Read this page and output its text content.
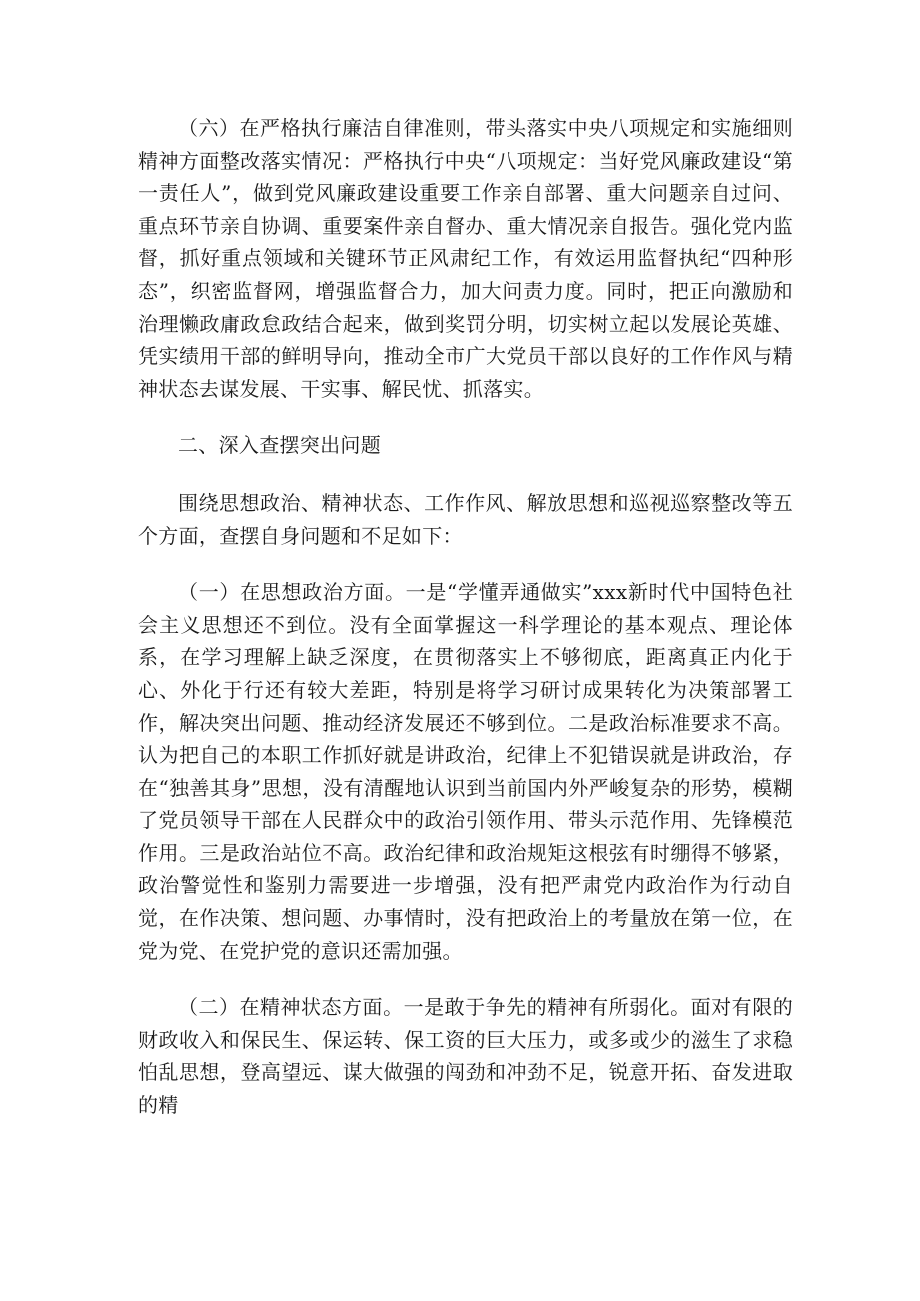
（六）在严格执行廉洁自律准则，带头落实中央八项规定和实施细则精神方面整改落实情况：严格执行中央“八项规定：当好党风廉政建设“第一责任人”，做到党风廉政建设重要工作亲自部署、重大问题亲自过问、重点环节亲自协调、重要案件亲自督办、重大情况亲自报告。强化党内监督，抓好重点领域和关键环节正风肃纪工作，有效运用监督执纪“四种形态”，织密监督网，增强监督合力，加大问责力度。同时，把正向激励和治理懒政庸政怠政结合起来，做到奖罚分明，切实树立起以发展论英雄、凭实绩用干部的鲜明导向，推动全市广大党员干部以良好的工作作风与精神状态去谋发展、干实事、解民忧、抓落实。

二、深入查摆突出问题

围绕思想政治、精神状态、工作作风、解放思想和巡视巡察整改等五个方面，查摆自身问题和不足如下：

（一）在思想政治方面。一是“学懂弄通做实”xxx新时代中国特色社会主义思想还不到位。没有全面掌握这一科学理论的基本观点、理论体系，在学习理解上缺乏深度，在贯彻落实上不够彻底，距离真正内化于心、外化于行还有较大差距，特别是将学习研讨成果转化为决策部署工作，解决突出问题、推动经济发展还不够到位。二是政治标准要求不高。认为把自己的本职工作抓好就是讲政治，纪律上不犯错误就是讲政治，存在“独善其身”思想，没有清醒地认识到当前国内外严峻复杂的形势，模糊了党员领导干部在人民群众中的政治引领作用、带头示范作用、先锋模范作用。三是政治站位不高。政治纪律和政治规矩这根弦有时绷得不够紧，政治警觉性和鉴别力需要进一步增强，没有把严肃党内政治作为行动自觉，在作决策、想问题、办事情时，没有把政治上的考量放在第一位，在党为党、在党护党的意识还需加强。

（二）在精神状态方面。一是敢于争先的精神有所弱化。面对有限的财政收入和保民生、保运转、保工资的巨大压力，或多或少的滋生了求稳怕乱思想，登高望远、谋大做强的闯劲和冲劲不足，锐意开拓、奋发进取的精
